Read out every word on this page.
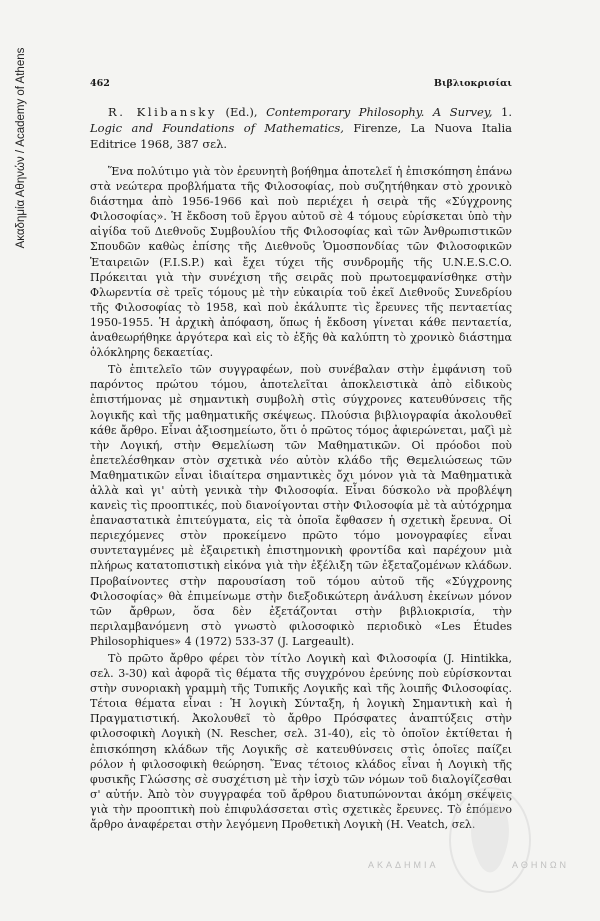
Ακαδημία Αθηνών / Academy of Athens	462	Βιβλιοκρισίαι

R. Klibansky (Ed.), Contemporary Philosophy. A Survey, 1. Logic and Foundations of Mathematics, Firenze, La Nuova Italia Editrice 1968, 387 σελ.

Ἕνα πολύτιμο γιὰ τὸν ἐρευνητὴ βοήθημα ἀποτελεῖ ἡ ἐπισκόπηση ἐπάνω στὰ νεώτερα προβλήματα τῆς Φιλοσοφίας, ποὺ συζητήθηκαν στὸ χρονικὸ διάστημα ἀπὸ 1956-1966 καὶ ποὺ περιέχει ἡ σειρὰ τῆς «Σύγχρονης Φιλοσοφίας». Ἡ ἔκδοση τοῦ ἔργου αὐτοῦ σὲ 4 τόμους εὑρίσκεται ὑπὸ τὴν αἰγίδα τοῦ Διεθνοῦς Συμβουλίου τῆς Φιλοσοφίας καὶ τῶν Ἀνθρωπιστικῶν Σπουδῶν καθὼς ἐπίσης τῆς Διεθνοῦς Ὁμοσπονδίας τῶν Φιλοσοφικῶν Ἑταιρειῶν (F.I.S.P.) καὶ ἔχει τύχει τῆς συνδρομῆς τῆς U.N.E.S.C.O. Πρόκειται γιὰ τὴν συνέχιση τῆς σειρᾶς ποὺ πρωτοεμφανίσθηκε στὴν Φλωρεντία σὲ τρεῖς τόμους μὲ τὴν εὐκαιρία τοῦ ἐκεῖ Διεθνοῦς Συνεδρίου τῆς Φιλοσοφίας τὸ 1958, καὶ ποὺ ἐκάλυπτε τὶς ἔρευνες τῆς πενταετίας 1950-1955. Ἡ ἀρχικὴ ἀπόφαση, ὅπως ἡ ἔκδοση γίνεται κάθε πενταετία, ἀναθεωρήθηκε ἀργότερα καὶ εἰς τὸ ἑξῆς θὰ καλύπτη τὸ χρονικὸ διάστημα ὁλόκληρης δεκαετίας.

Τὸ ἐπιτελεῖο τῶν συγγραφέων, ποὺ συνέβαλαν στὴν ἐμφάνιση τοῦ παρόντος πρώτου τόμου, ἀποτελεῖται ἀποκλειστικὰ ἀπὸ εἰδικοὺς ἐπιστήμονας μὲ σημαντικὴ συμβολὴ στὶς σύγχρονες κατευθύνσεις τῆς λογικῆς καὶ τῆς μαθηματικῆς σκέψεως. Πλούσια βιβλιογραφία ἀκολουθεῖ κάθε ἄρθρο. Εἶναι ἀξιοσημείωτο, ὅτι ὁ πρῶτος τόμος ἀφιερώνεται, μαζὶ μὲ τὴν Λογική, στὴν Θεμελίωση τῶν Μαθηματικῶν. Οἱ πρόοδοι ποὺ ἐπετελέσθηκαν στὸν σχετικὰ νέο αὐτὸν κλάδο τῆς Θεμελιώσεως τῶν Μαθηματικῶν εἶναι ἰδιαίτερα σημαντικὲς ὄχι μόνον γιὰ τὰ Μαθηματικὰ ἀλλὰ καὶ γι' αὐτὴ γενικὰ τὴν Φιλοσοφία. Εἶναι δύσκολο νὰ προβλέψη κανεὶς τὶς προοπτικές, ποὺ διανοίγονται στὴν Φιλοσοφία μὲ τὰ αὐτόχρημα ἐπαναστατικὰ ἐπιτεύγματα, εἰς τὰ ὁποῖα ἔφθασεν ἡ σχετικὴ ἔρευνα. Οἱ περιεχόμενες στὸν προκείμενο πρῶτο τόμο μονογραφίες εἶναι συντεταγμένες μὲ ἐξαιρετικὴ ἐπιστημονικὴ φροντίδα καὶ παρέχουν μιὰ πλήρως κατατοπιστικὴ εἰκόνα γιὰ τὴν ἐξέλιξη τῶν ἐξεταζομένων κλάδων. Προβαίνοντες στὴν παρουσίαση τοῦ τόμου αὐτοῦ τῆς «Σύγχρονης Φιλοσοφίας» θὰ ἐπιμείνωμε στὴν διεξοδικώτερη ἀνάλυση ἐκείνων μόνον τῶν ἄρθρων, ὅσα δὲν ἐξετάζονται στὴν βιβλιοκρισία, τὴν περιλαμβανόμενη στὸ γνωστὸ φιλοσοφικὸ περιοδικὸ «Les Études Philosophiques» 4 (1972) 533-37 (J. Largeault).

Τὸ πρῶτο ἄρθρο φέρει τὸν τίτλο Λογικὴ καὶ Φιλοσοφία (J. Hintikka, σελ. 3-30) καὶ ἀφορᾶ τὶς θέματα τῆς συγχρόνου ἐρεύνης ποὺ εὑρίσκονται στὴν συνοριακὴ γραμμὴ τῆς Τυπικῆς Λογικῆς καὶ τῆς λοιπῆς Φιλοσοφίας. Τέτοια θέματα εἶναι : Ἡ λογικὴ Σύνταξη, ἡ λογικὴ Σημαντικὴ καὶ ἡ Πραγματιστική. Ἀκολουθεῖ τὸ ἄρθρο Πρόσφατες ἀναπτύξεις στὴν φιλοσοφικὴ Λογικὴ (N. Rescher, σελ. 31-40), εἰς τὸ ὁποῖον ἐκτίθεται ἡ ἐπισκόπηση κλάδων τῆς Λογικῆς σὲ κατευθύνσεις στὶς ὁποῖες παίζει ρόλον ἡ φιλοσοφικὴ θεώρηση. Ἕνας τέτοιος κλάδος εἶναι ἡ Λογικὴ τῆς φυσικῆς Γλώσσης σὲ συσχέτιση μὲ τὴν ἰσχὺ τῶν νόμων τοῦ διαλογίζεσθαι σ' αὐτήν. Ἀπὸ τὸν συγγραφέα τοῦ ἄρθρου διατυπώνονται ἀκόμη σκέψεις γιὰ τὴν προοπτικὴ ποὺ ἐπιφυλάσσεται στὶς σχετικὲς ἔρευνες. Τὸ ἑπόμενο ἄρθρο ἀναφέρεται στὴν λεγόμενη Προθετικὴ Λογικὴ (H. Veatch, σελ.

ΑΚΑΔΗΜΙΑ	ΑΘΗΝΩΝ
